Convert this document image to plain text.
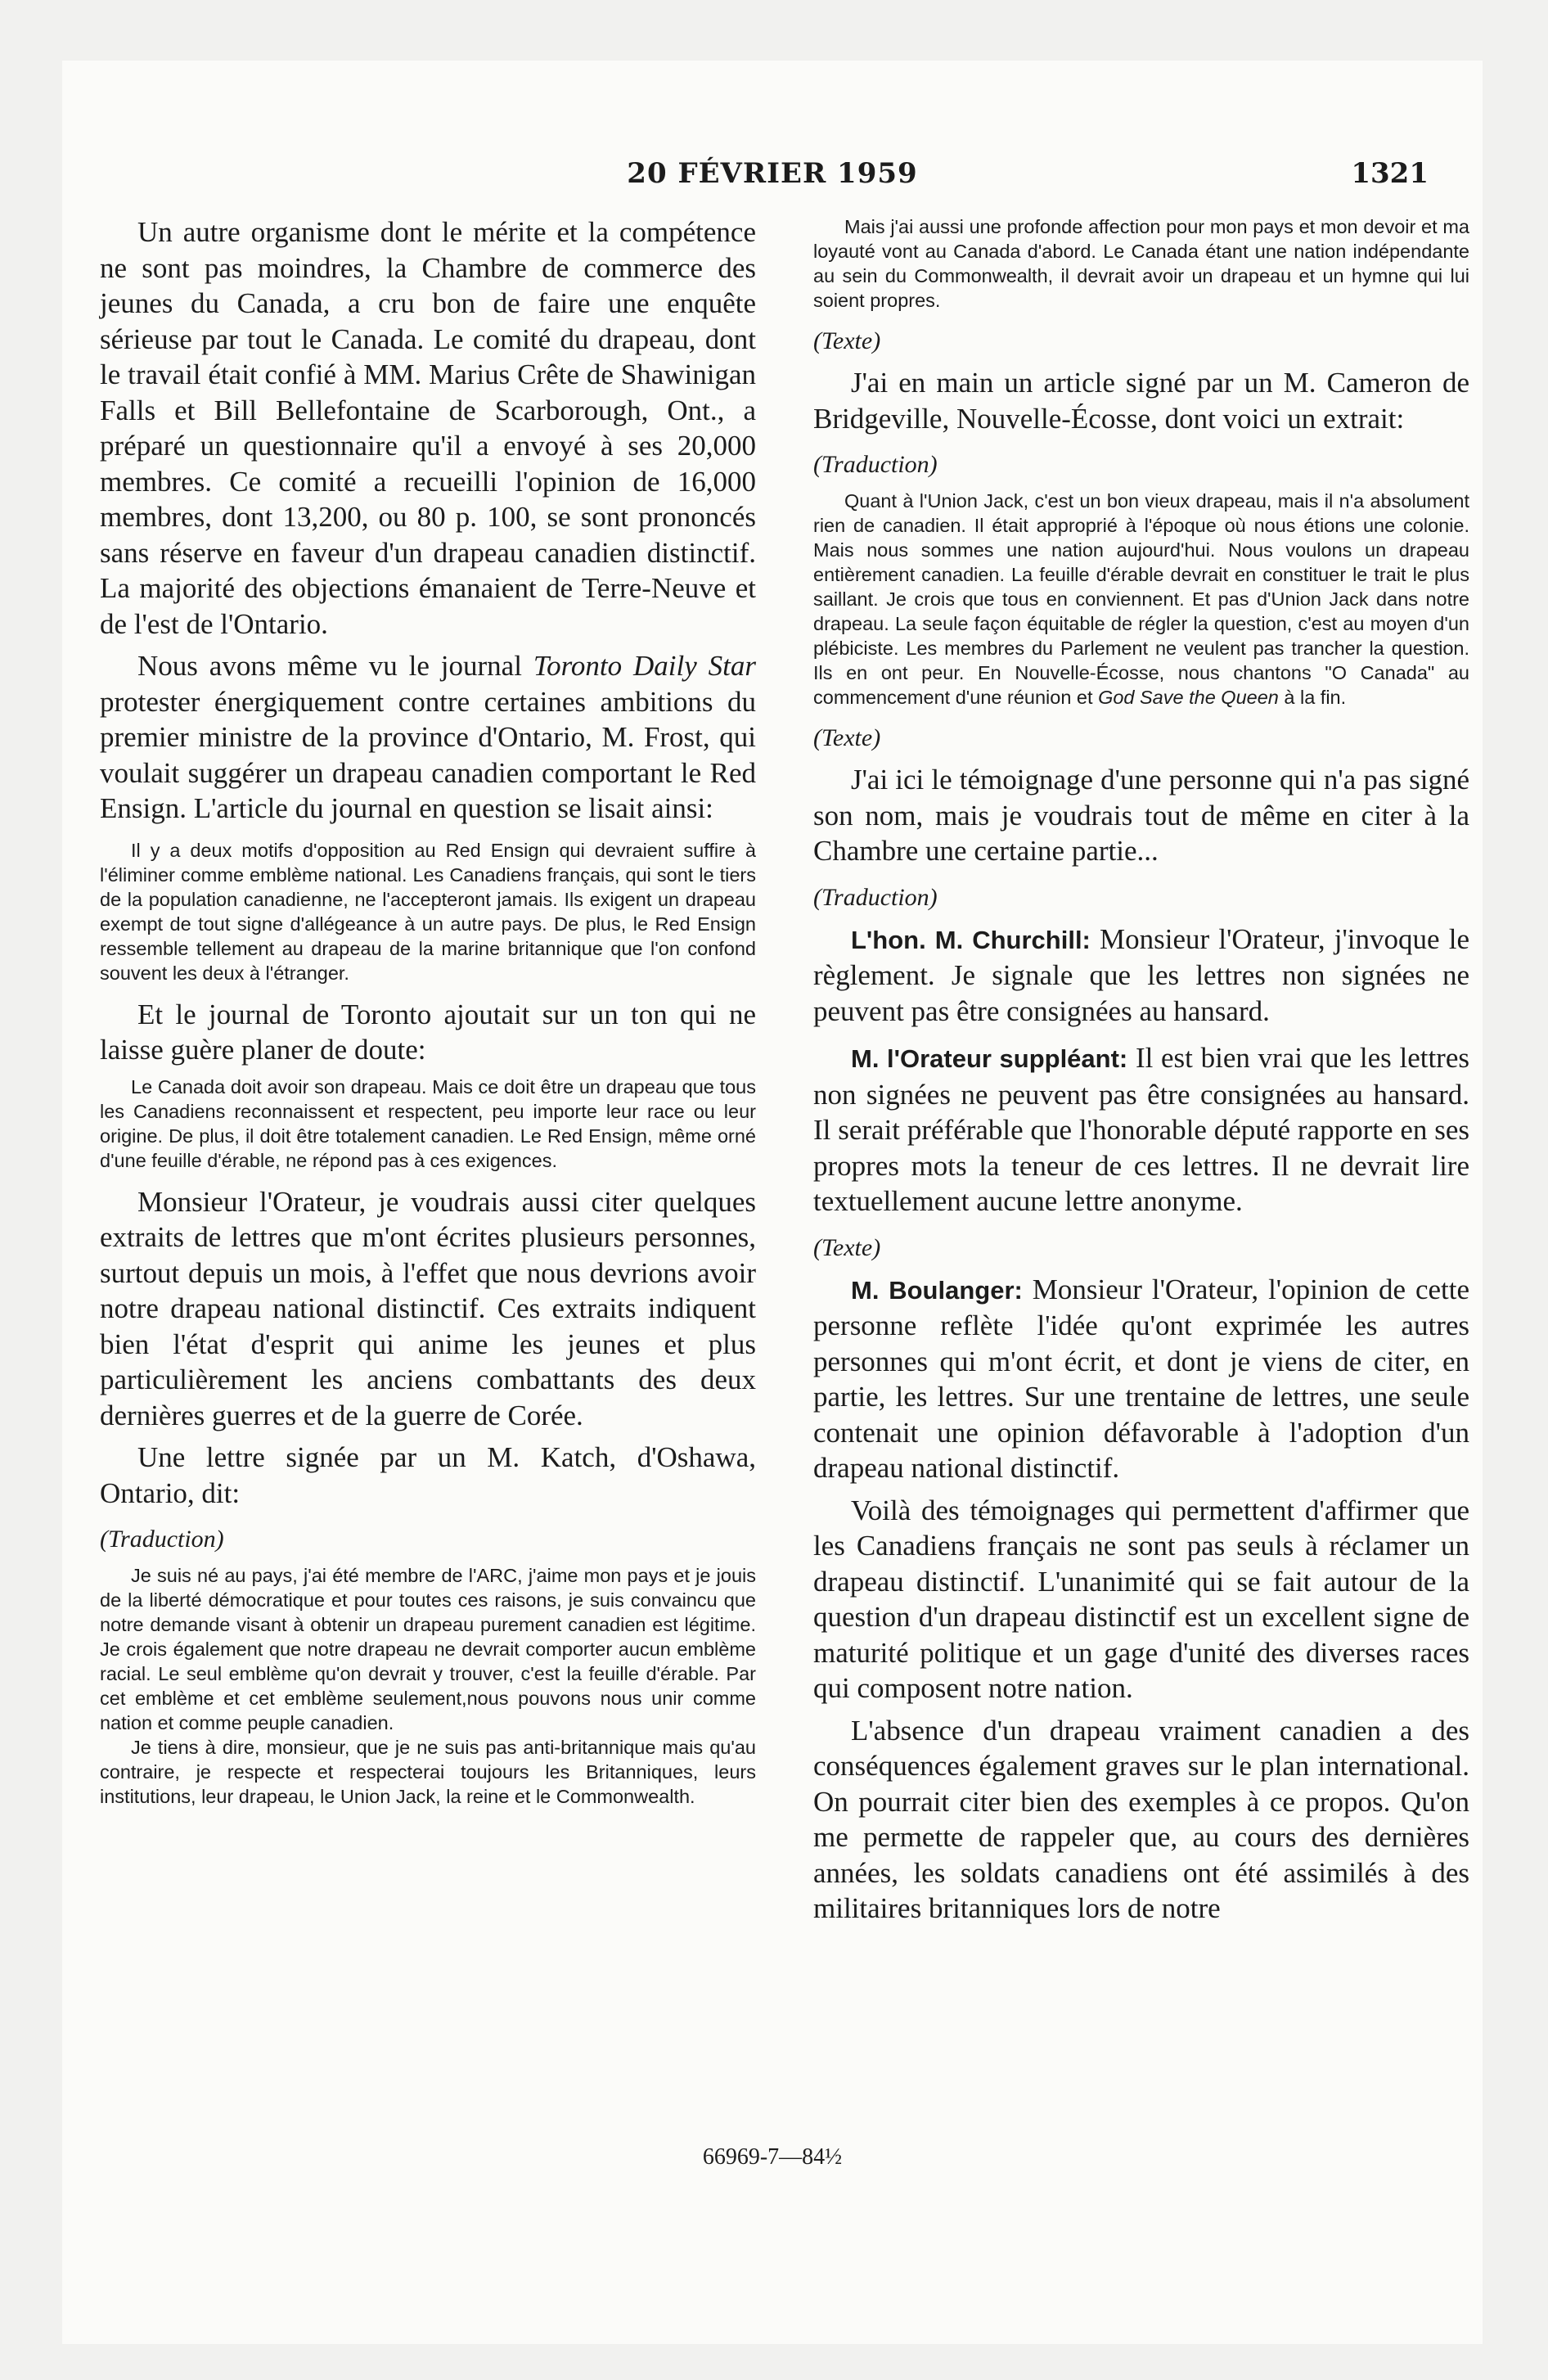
20 FÉVRIER 1959	1321

Un autre organisme dont le mérite et la compétence ne sont pas moindres, la Chambre de commerce des jeunes du Canada, a cru bon de faire une enquête sérieuse par tout le Canada. Le comité du drapeau, dont le travail était confié à MM. Marius Crête de Shawinigan Falls et Bill Bellefontaine de Scarborough, Ont., a préparé un questionnaire qu'il a envoyé à ses 20,000 membres. Ce comité a recueilli l'opinion de 16,000 membres, dont 13,200, ou 80 p. 100, se sont prononcés sans réserve en faveur d'un drapeau canadien distinctif. La majorité des objections émanaient de Terre-Neuve et de l'est de l'Ontario.

Nous avons même vu le journal Toronto Daily Star protester énergiquement contre certaines ambitions du premier ministre de la province d'Ontario, M. Frost, qui voulait suggérer un drapeau canadien comportant le Red Ensign. L'article du journal en question se lisait ainsi:

Il y a deux motifs d'opposition au Red Ensign qui devraient suffire à l'éliminer comme emblème national. Les Canadiens français, qui sont le tiers de la population canadienne, ne l'accepteront jamais. Ils exigent un drapeau exempt de tout signe d'allégeance à un autre pays. De plus, le Red Ensign ressemble tellement au drapeau de la marine britannique que l'on confond souvent les deux à l'étranger.

Et le journal de Toronto ajoutait sur un ton qui ne laisse guère planer de doute:

Le Canada doit avoir son drapeau. Mais ce doit être un drapeau que tous les Canadiens reconnaissent et respectent, peu importe leur race ou leur origine. De plus, il doit être totalement canadien. Le Red Ensign, même orné d'une feuille d'érable, ne répond pas à ces exigences.

Monsieur l'Orateur, je voudrais aussi citer quelques extraits de lettres que m'ont écrites plusieurs personnes, surtout depuis un mois, à l'effet que nous devrions avoir notre drapeau national distinctif. Ces extraits indiquent bien l'état d'esprit qui anime les jeunes et plus particulièrement les anciens combattants des deux dernières guerres et de la guerre de Corée.

Une lettre signée par un M. Katch, d'Oshawa, Ontario, dit:

(Traduction)

Je suis né au pays, j'ai été membre de l'ARC, j'aime mon pays et je jouis de la liberté démocratique et pour toutes ces raisons, je suis convaincu que notre demande visant à obtenir un drapeau purement canadien est légitime. Je crois également que notre drapeau ne devrait comporter aucun emblème racial. Le seul emblème qu'on devrait y trouver, c'est la feuille d'érable. Par cet emblème et cet emblème seulement,nous pouvons nous unir comme nation et comme peuple canadien.

Je tiens à dire, monsieur, que je ne suis pas anti-britannique mais qu'au contraire, je respecte et respecterai toujours les Britanniques, leurs institutions, leur drapeau, le Union Jack, la reine et le Commonwealth.

Mais j'ai aussi une profonde affection pour mon pays et mon devoir et ma loyauté vont au Canada d'abord. Le Canada étant une nation indépendante au sein du Commonwealth, il devrait avoir un drapeau et un hymne qui lui soient propres.

(Texte)

J'ai en main un article signé par un M. Cameron de Bridgeville, Nouvelle-Écosse, dont voici un extrait:

(Traduction)

Quant à l'Union Jack, c'est un bon vieux drapeau, mais il n'a absolument rien de canadien. Il était approprié à l'époque où nous étions une colonie. Mais nous sommes une nation aujourd'hui. Nous voulons un drapeau entièrement canadien. La feuille d'érable devrait en constituer le trait le plus saillant. Je crois que tous en conviennent. Et pas d'Union Jack dans notre drapeau. La seule façon équitable de régler la question, c'est au moyen d'un plébiciste. Les membres du Parlement ne veulent pas trancher la question. Ils en ont peur. En Nouvelle-Écosse, nous chantons "O Canada" au commencement d'une réunion et God Save the Queen à la fin.

(Texte)

J'ai ici le témoignage d'une personne qui n'a pas signé son nom, mais je voudrais tout de même en citer à la Chambre une certaine partie...

(Traduction)

L'hon. M. Churchill: Monsieur l'Orateur, j'invoque le règlement. Je signale que les lettres non signées ne peuvent pas être consignées au hansard.

M. l'Orateur suppléant: Il est bien vrai que les lettres non signées ne peuvent pas être consignées au hansard. Il serait préférable que l'honorable député rapporte en ses propres mots la teneur de ces lettres. Il ne devrait lire textuellement aucune lettre anonyme.

(Texte)

M. Boulanger: Monsieur l'Orateur, l'opinion de cette personne reflète l'idée qu'ont exprimée les autres personnes qui m'ont écrit, et dont je viens de citer, en partie, les lettres. Sur une trentaine de lettres, une seule contenait une opinion défavorable à l'adoption d'un drapeau national distinctif.

Voilà des témoignages qui permettent d'affirmer que les Canadiens français ne sont pas seuls à réclamer un drapeau distinctif. L'unanimité qui se fait autour de la question d'un drapeau distinctif est un excellent signe de maturité politique et un gage d'unité des diverses races qui composent notre nation.

L'absence d'un drapeau vraiment canadien a des conséquences également graves sur le plan international. On pourrait citer bien des exemples à ce propos. Qu'on me permette de rappeler que, au cours des dernières années, les soldats canadiens ont été assimilés à des militaires britanniques lors de notre

66969-7—84½
